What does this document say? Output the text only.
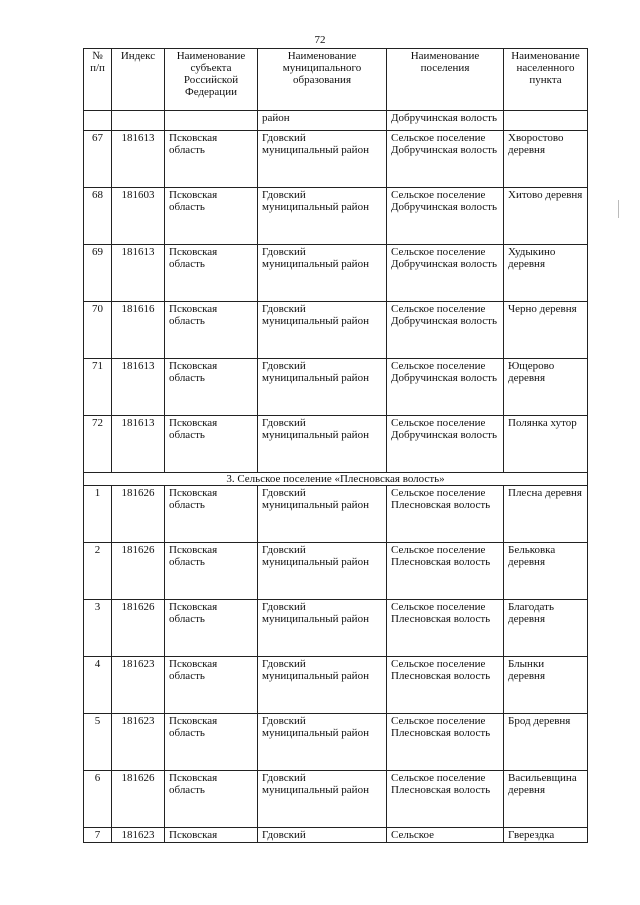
72
№ п/п	Индекс	Наименование субъекта Российской Федерации	Наименование муниципального образования	Наименование поселения	Наименование населенного пункта
			район	Добручинская волость	
67	181613	Псковская область	Гдовский муниципальный район	Сельское поселение Добручинская волость	Хворостово деревня
68	181603	Псковская область	Гдовский муниципальный район	Сельское поселение Добручинская волость	Хитово деревня
69	181613	Псковская область	Гдовский муниципальный район	Сельское поселение Добручинская волость	Худыкино деревня
70	181616	Псковская область	Гдовский муниципальный район	Сельское поселение Добручинская волость	Черно деревня
71	181613	Псковская область	Гдовский муниципальный район	Сельское поселение Добручинская волость	Ющерово деревня
72	181613	Псковская область	Гдовский муниципальный район	Сельское поселение Добручинская волость	Полянка хутор
3. Сельское поселение «Плесновская волость»					
1	181626	Псковская область	Гдовский муниципальный район	Сельское поселение Плесновская волость	Плесна деревня
2	181626	Псковская область	Гдовский муниципальный район	Сельское поселение Плесновская волость	Бельковка деревня
3	181626	Псковская область	Гдовский муниципальный район	Сельское поселение Плесновская волость	Благодать деревня
4	181623	Псковская область	Гдовский муниципальный район	Сельское поселение Плесновская волость	Блынки деревня
5	181623	Псковская область	Гдовский муниципальный район	Сельское поселение Плесновская волость	Брод деревня
6	181626	Псковская область	Гдовский муниципальный район	Сельское поселение Плесновская волость	Васильевщина деревня
7	181623	Псковская	Гдовский	Сельское	Гверездка
